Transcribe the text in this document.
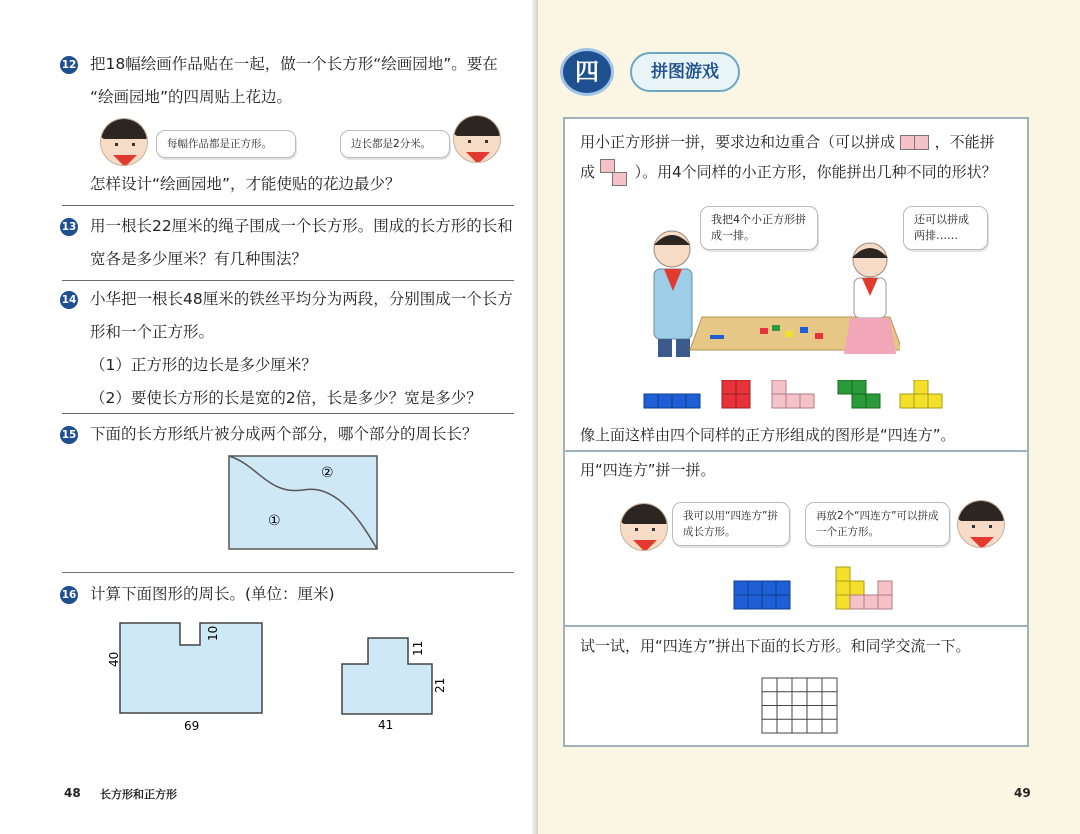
12 把18幅绘画作品贴在一起，做一个长方形“绘画园地”。要在
“绘画园地”的四周贴上花边。
每幅作品都是正方形。	边长都是2分米。
怎样设计“绘画园地”，才能使贴的花边最少？
13 用一根长22厘米的绳子围成一个长方形。围成的长方形的长和
宽各是多少厘米？有几种围法？
14 小华把一根长48厘米的铁丝平均分为两段，分别围成一个长方
形和一个正方形。
（1）正方形的边长是多少厘米？
（2）要使长方形的长是宽的2倍，长是多少？宽是多少？
15 下面的长方形纸片被分成两个部分，哪个部分的周长长？
②
①
16 计算下面图形的周长。(单位：厘米)
10
40
69
11
21
41
48 长方形和正方形
四	拼图游戏
用小正方形拼一拼，要求边和边重合（可以拼成	，不能拼
成	）。用4个同样的小正方形，你能拼出几种不同的形状？
我把4个小正方形拼成一排。
还可以拼成两排……
像上面这样由四个同样的正方形组成的图形是“四连方”。
用“四连方”拼一拼。
我可以用“四连方”拼成长方形。
再放2个“四连方”可以拼成一个正方形。
试一试，用“四连方”拼出下面的长方形。和同学交流一下。
49
